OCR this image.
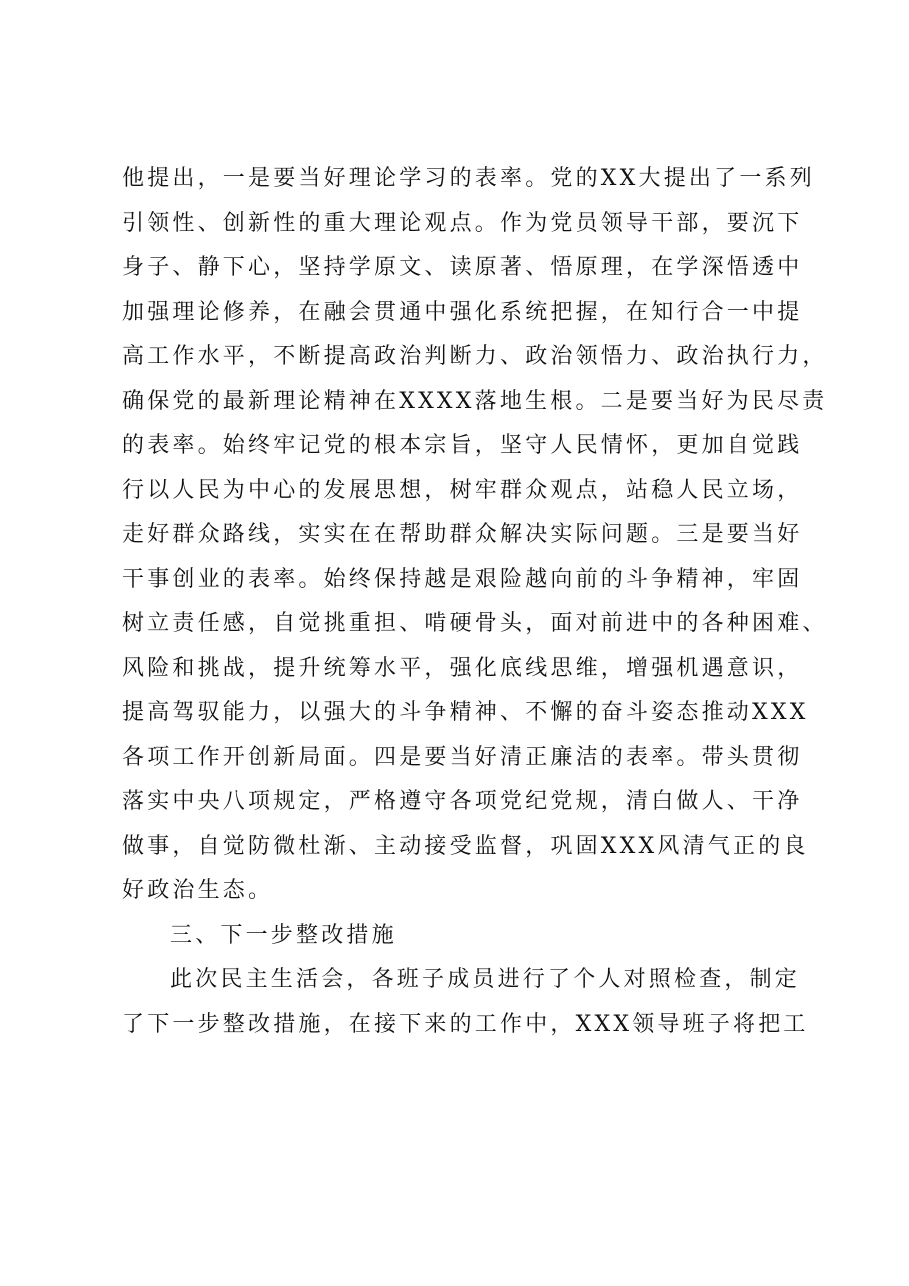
他提出，一是要当好理论学习的表率。党的XX大提出了一系列
引领性、创新性的重大理论观点。作为党员领导干部，要沉下
身子、静下心，坚持学原文、读原著、悟原理，在学深悟透中
加强理论修养，在融会贯通中强化系统把握，在知行合一中提
高工作水平，不断提高政治判断力、政治领悟力、政治执行力，
确保党的最新理论精神在XXXX落地生根。二是要当好为民尽责
的表率。始终牢记党的根本宗旨，坚守人民情怀，更加自觉践
行以人民为中心的发展思想，树牢群众观点，站稳人民立场，
走好群众路线，实实在在帮助群众解决实际问题。三是要当好
干事创业的表率。始终保持越是艰险越向前的斗争精神，牢固
树立责任感，自觉挑重担、啃硬骨头，面对前进中的各种困难、
风险和挑战，提升统筹水平，强化底线思维，增强机遇意识，
提高驾驭能力，以强大的斗争精神、不懈的奋斗姿态推动XXX
各项工作开创新局面。四是要当好清正廉洁的表率。带头贯彻
落实中央八项规定，严格遵守各项党纪党规，清白做人、干净
做事，自觉防微杜渐、主动接受监督，巩固XXX风清气正的良
好政治生态。
三、下一步整改措施
此次民主生活会，各班子成员进行了个人对照检查，制定
了下一步整改措施，在接下来的工作中，XXX领导班子将把工
